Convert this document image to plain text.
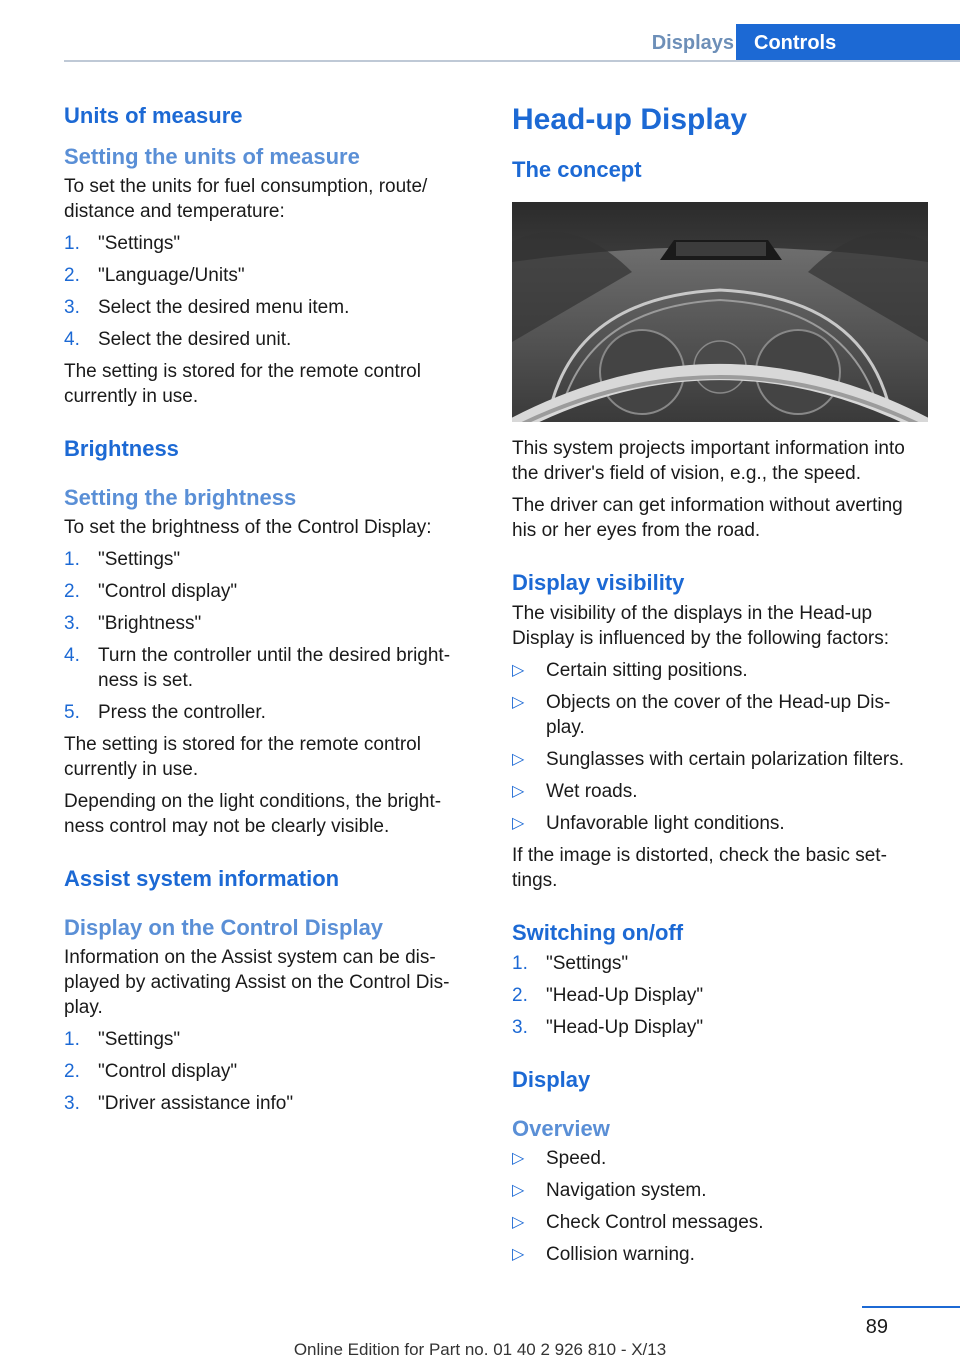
Displays	Controls
Units of measure
Setting the units of measure

To set the units for fuel consumption, route/ distance and temperature:

1. "Settings"
2. "Language/Units"
3. Select the desired menu item.
4. Select the desired unit.

The setting is stored for the remote control currently in use.

Brightness
Setting the brightness

To set the brightness of the Control Display:

1. "Settings"
2. "Control display"
3. "Brightness"
4. Turn the controller until the desired bright‐ ness is set.
5. Press the controller.

The setting is stored for the remote control currently in use.

Depending on the light conditions, the bright‐ ness control may not be clearly visible.

Assist system information
Display on the Control Display

Information on the Assist system can be dis‐ played by activating Assist on the Control Dis‐ play.

1. "Settings"
2. "Control display"
3. "Driver assistance info"
Head-up Display
The concept

This system projects important information into the driver's field of vision, e.g., the speed.

The driver can get information without averting his or her eyes from the road.

Display visibility

The visibility of the displays in the Head-up Display is influenced by the following factors:

▷ Certain sitting positions.
▷ Objects on the cover of the Head-up Dis‐ play.
▷ Sunglasses with certain polarization filters.
▷ Wet roads.
▷ Unfavorable light conditions.

If the image is distorted, check the basic set‐ tings.

Switching on/off
1. "Settings"
2. "Head-Up Display"
3. "Head-Up Display"
Display
Overview
▷ Speed.
▷ Navigation system.
▷ Check Control messages.
▷ Collision warning.
89
Online Edition for Part no. 01 40 2 926 810 - X/13
